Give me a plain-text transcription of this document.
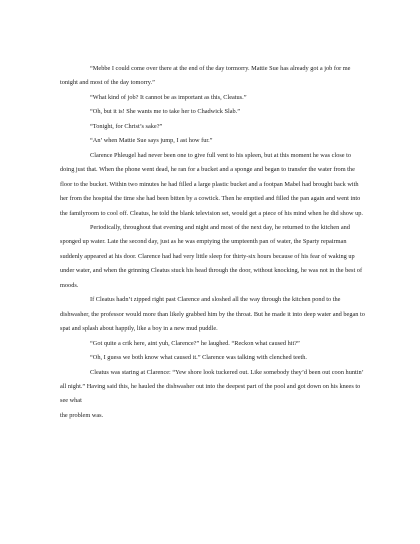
“Mebbe I could come over there at the end of the day tormorry. Mattie Sue has already got a job for me tonight and most of the day tomorry.”

“What kind of job? It cannot be as important as this, Cleatus.”

“Oh, but it is! She wants me to take her to Chadwick Slab.”

“Tonight, for Christ’s sake?”

“An’ when Mattie Sue says jump, I ast how fur.”

Clarence Phleugel had never been one to give full vent to his spleen, but at this moment he was close to doing just that. When the phone went dead, he ran for a bucket and a sponge and began to transfer the water from the floor to the bucket. Within two minutes he had filled a large plastic bucket and a footpan Mabel had brought back with her from the hospital the time she had been bitten by a cowtick. Then he emptied and filled the pan again and went into the familyroom to cool off. Cleatus, he told the blank television set, would get a piece of his mind when he did show up.

Periodically, throughout that evening and night and most of the next day, he returned to the kitchen and sponged up water. Late the second day, just as he was emptying the umpteenth pan of water, the Sparty repairman suddenly appeared at his door. Clarence had had very little sleep for thirty-six hours because of his fear of waking up under water, and when the grinning Cleatus stuck his head through the door, without knocking, he was not in the best of moods.

If Cleatus hadn’t zipped right past Clarence and sloshed all the way through the kitchen pond to the dishwasher, the professor would more than likely grabbed him by the throat. But he made it into deep water and began to spat and splash about happily, like a boy in a new mud puddle.

“Got quite a crik here, aint yuh, Clarence?” he laughed. “Reckon what caused hit?”

“Oh, I guess we both know what caused it.” Clarence was talking with clenched teeth.

Cleatus was staring at Clarence: “Yew shore look tuckered out. Like somebody they’d been out coon huntin’ all night.” Having said this, he hauled the dishwasher out into the deepest part of the pool and got down on his knees to see what

the problem was.
